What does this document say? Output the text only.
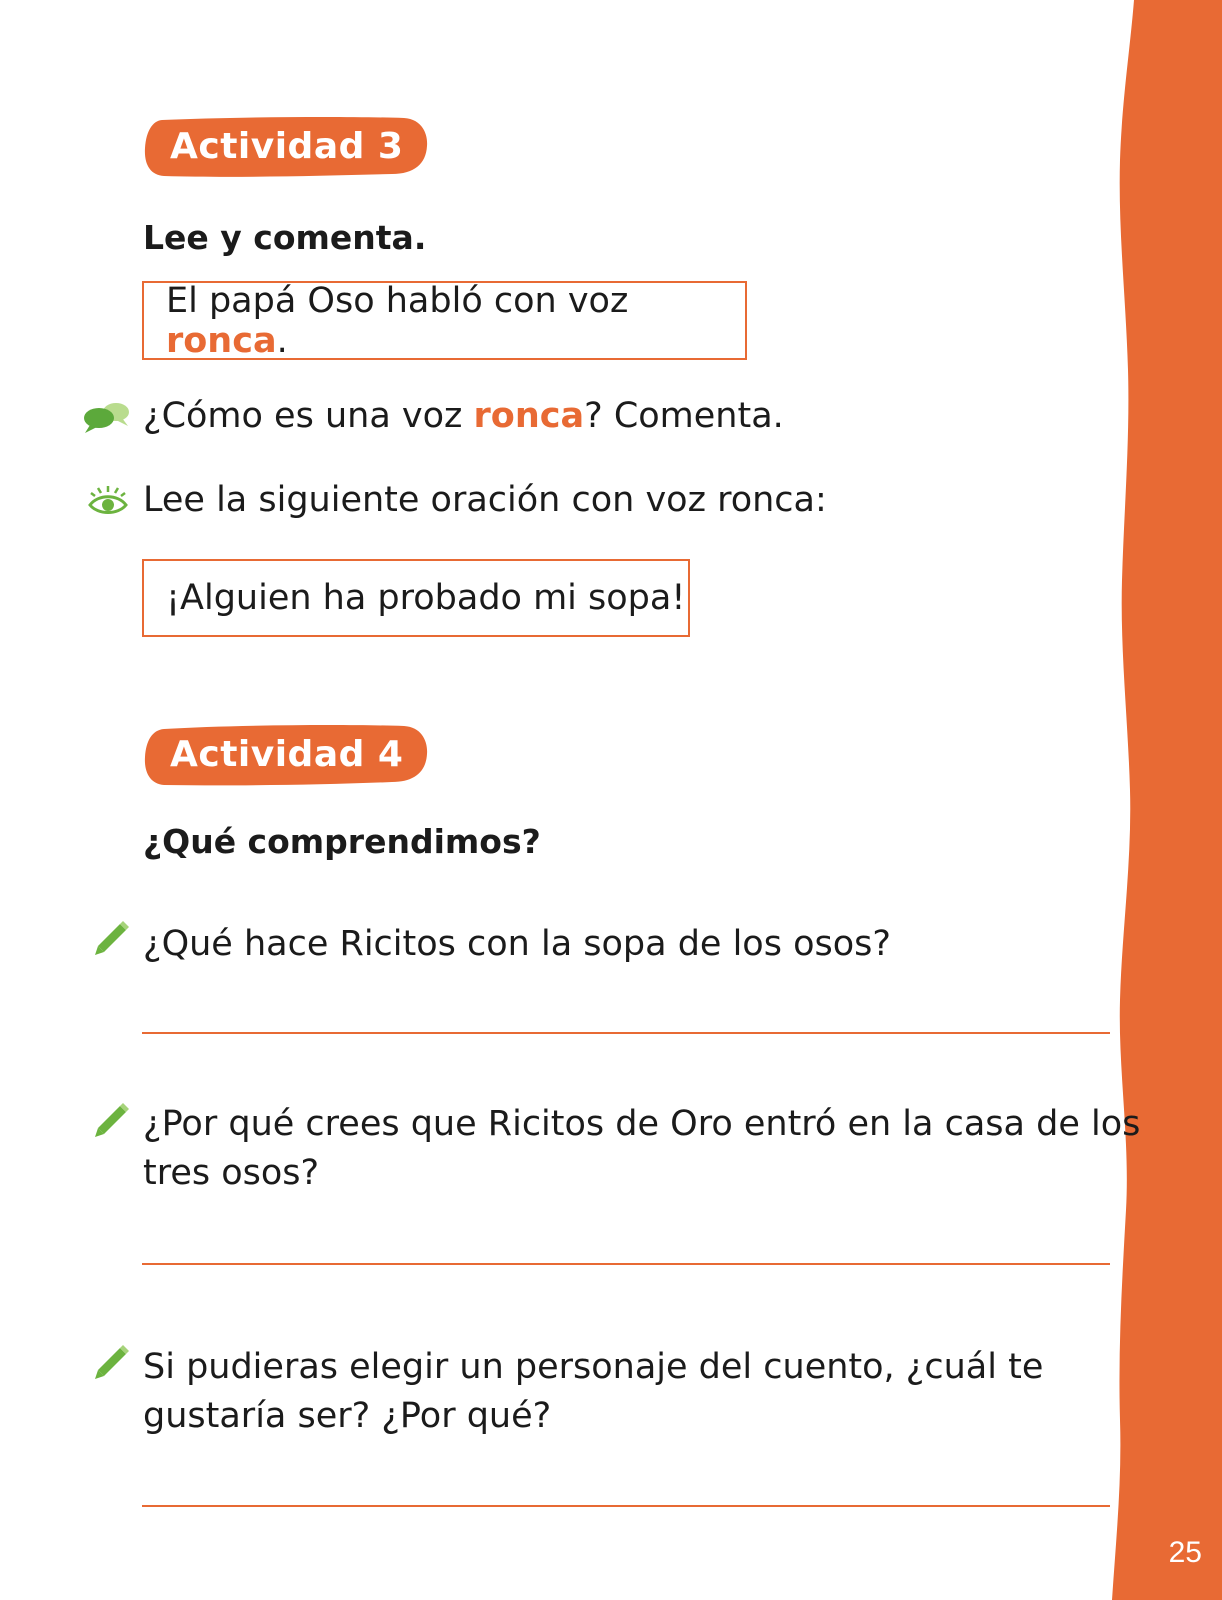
25
Actividad 3
Lee y comenta.
El papá Oso habló con voz ronca.
¿Cómo es una voz ronca? Comenta.
Lee la siguiente oración con voz ronca:
¡Alguien ha probado mi sopa!
Actividad 4
¿Qué comprendimos?
¿Qué hace Ricitos con la sopa de los osos?
¿Por qué crees que Ricitos de Oro entró en la casa de los
tres osos?
Si pudieras elegir un personaje del cuento, ¿cuál te
gustaría ser? ¿Por qué?
